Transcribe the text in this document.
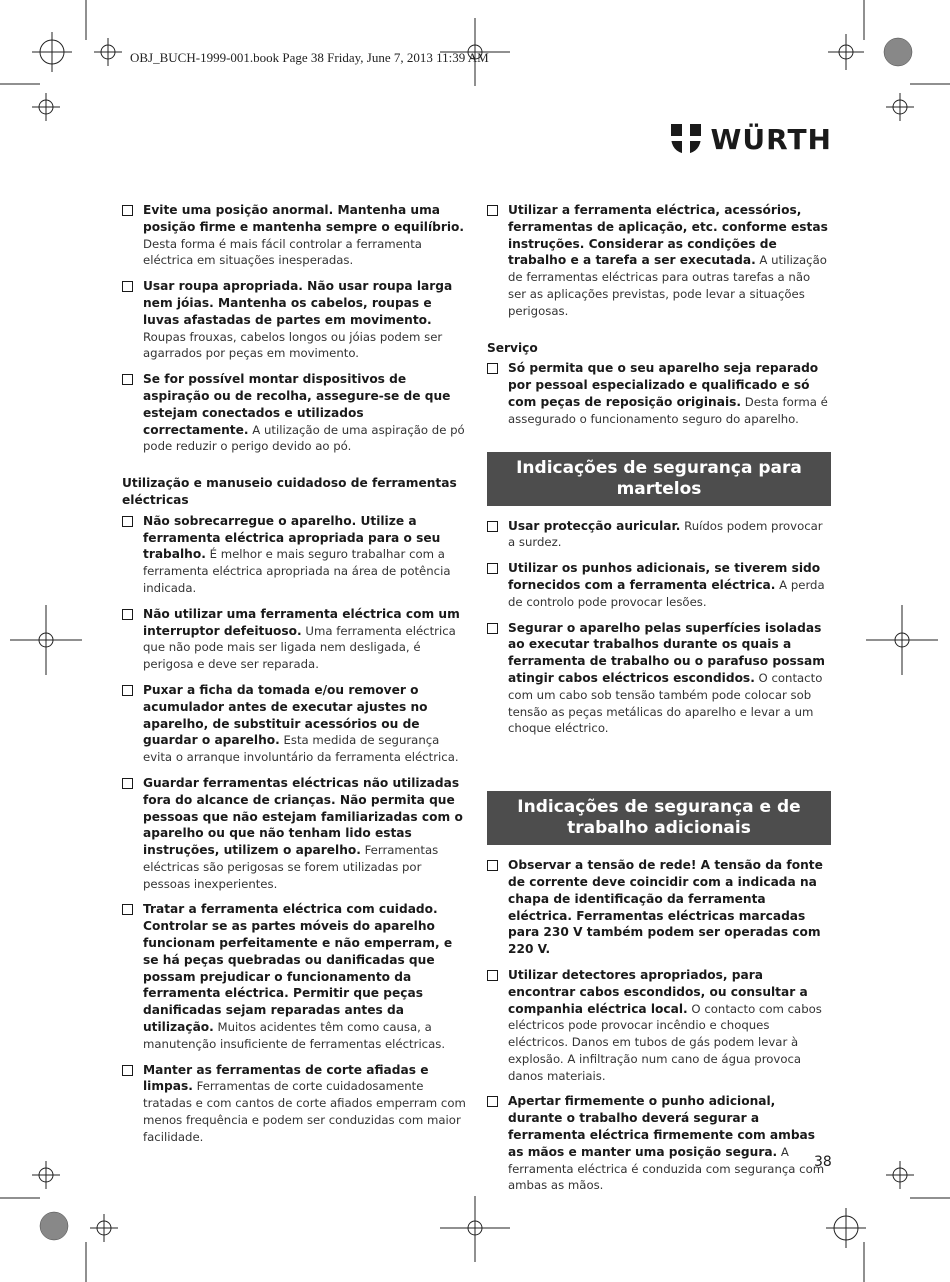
OBJ_BUCH-1999-001.book Page 38 Friday, June 7, 2013 11:39 AM
WÜRTH
Evite uma posição anormal. Mantenha uma posição firme e mantenha sempre o equilíbrio. Desta forma é mais fácil controlar a ferramenta eléctrica em situações inesperadas.
Usar roupa apropriada. Não usar roupa larga nem jóias. Mantenha os cabelos, roupas e luvas afastadas de partes em movimento. Roupas frouxas, cabelos longos ou jóias podem ser agarrados por peças em movimento.
Se for possível montar dispositivos de aspiração ou de recolha, assegure-se de que estejam conectados e utilizados correctamente. A utilização de uma aspiração de pó pode reduzir o perigo devido ao pó.
Utilização e manuseio cuidadoso de ferramentas eléctricas
Não sobrecarregue o aparelho. Utilize a ferramenta eléctrica apropriada para o seu trabalho. É melhor e mais seguro trabalhar com a ferramenta eléctrica apropriada na área de potência indicada.
Não utilizar uma ferramenta eléctrica com um interruptor defeituoso. Uma ferramenta eléctrica que não pode mais ser ligada nem desligada, é perigosa e deve ser reparada.
Puxar a ficha da tomada e/ou remover o acumulador antes de executar ajustes no aparelho, de substituir acessórios ou de guardar o aparelho. Esta medida de segurança evita o arranque involuntário da ferramenta eléctrica.
Guardar ferramentas eléctricas não utilizadas fora do alcance de crianças. Não permita que pessoas que não estejam familiarizadas com o aparelho ou que não tenham lido estas instruções, utilizem o aparelho. Ferramentas eléctricas são perigosas se forem utilizadas por pessoas inexperientes.
Tratar a ferramenta eléctrica com cuidado. Controlar se as partes móveis do aparelho funcionam perfeitamente e não emperram, e se há peças quebradas ou danificadas que possam prejudicar o funcionamento da ferramenta eléctrica. Permitir que peças danificadas sejam reparadas antes da utilização. Muitos acidentes têm como causa, a manutenção insuficiente de ferramentas eléctricas.
Manter as ferramentas de corte afiadas e limpas. Ferramentas de corte cuidadosamente tratadas e com cantos de corte afiados emperram com menos frequência e podem ser conduzidas com maior facilidade.
Utilizar a ferramenta eléctrica, acessórios, ferramentas de aplicação, etc. conforme estas instruções. Considerar as condições de trabalho e a tarefa a ser executada. A utilização de ferramentas eléctricas para outras tarefas a não ser as aplicações previstas, pode levar a situações perigosas.
Serviço
Só permita que o seu aparelho seja reparado por pessoal especializado e qualificado e só com peças de reposição originais. Desta forma é assegurado o funcionamento seguro do aparelho.
Indicações de segurança para martelos
Usar protecção auricular. Ruídos podem provocar a surdez.
Utilizar os punhos adicionais, se tiverem sido fornecidos com a ferramenta eléctrica. A perda de controlo pode provocar lesões.
Segurar o aparelho pelas superfícies isoladas ao executar trabalhos durante os quais a ferramenta de trabalho ou o parafuso possam atingir cabos eléctricos escondidos. O contacto com um cabo sob tensão também pode colocar sob tensão as peças metálicas do aparelho e levar a um choque eléctrico.
Indicações de segurança e de trabalho adicionais
Observar a tensão de rede! A tensão da fonte de corrente deve coincidir com a indicada na chapa de identificação da ferramenta eléctrica. Ferramentas eléctricas marcadas para 230 V também podem ser operadas com 220 V.
Utilizar detectores apropriados, para encontrar cabos escondidos, ou consultar a companhia eléctrica local. O contacto com cabos eléctricos pode provocar incêndio e choques eléctricos. Danos em tubos de gás podem levar à explosão. A infiltração num cano de água provoca danos materiais.
Apertar firmemente o punho adicional, durante o trabalho deverá segurar a ferramenta eléctrica firmemente com ambas as mãos e manter uma posição segura. A ferramenta eléctrica é conduzida com segurança com ambas as mãos.
38
